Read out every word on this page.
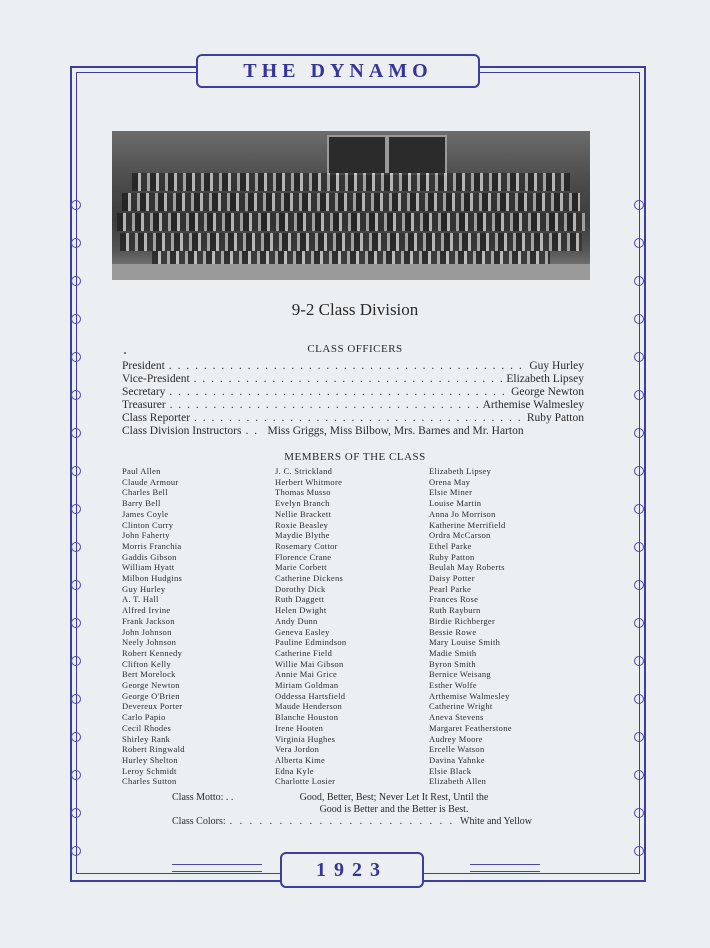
THE DYNAMO
9-2 Class Division
CLASS OFFICERS
President . . .	Guy Hurley
Vice-President . . .	Elizabeth Lipsey
Secretary . . .	George Newton
Treasurer . . .	Arthemise Walmesley
Class Reporter . . .	Ruby Patton
Class Division Instructors . . . Miss Griggs, Miss Bilbow, Mrs. Barnes and Mr. Harton
MEMBERS OF THE CLASS
Paul Allen
Claude Armour
Charles Bell
Barry Bell
James Coyle
Clinton Curry
John Faherty
Morris Franchia
Gaddis Gibson
William Hyatt
Milbon Hudgins
Guy Hurley
A. T. Hall
Alfred Irvine
Frank Jackson
John Johnson
Neely Johnson
Robert Kennedy
Clifton Kelly
Bert Morelock
George Newton
George O'Brien
Devereux Porter
Carlo Papio
Cecil Rhodes
Shirley Rank
Robert Ringwald
Hurley Shelton
Leroy Schmidt
Charles Sutton
J. C. Strickland
Herbert Whitmore
Thomas Musso
Evelyn Branch
Nellie Brackett
Roxie Beasley
Maydie Blythe
Rosemary Cottor
Florence Crane
Marie Corbett
Catherine Dickens
Dorothy Dick
Ruth Daggett
Helen Dwight
Andy Dunn
Geneva Easley
Pauline Edmindson
Catherine Field
Willie Mai Gibson
Annie Mai Grice
Miriam Goldman
Oddessa Hartsfield
Maude Henderson
Blanche Houston
Irene Hooten
Virginia Hughes
Vera Jordon
Alberta Kime
Edna Kyle
Charlotte Losier
Elizabeth Lipsey
Orena May
Elsie Miner
Louise Martin
Anna Jo Morrison
Katherine Merrifield
Ordra McCarson
Ethel Parke
Ruby Patton
Beulah May Roberts
Daisy Potter
Pearl Parke
Frances Rose
Ruth Rayburn
Birdie Richberger
Bessie Rowe
Mary Louise Smith
Madie Smith
Byron Smith
Bernice Weisang
Esther Wolfe
Arthemise Walmesley
Catherine Wright
Aneva Stevens
Margaret Featherstone
Audrey Moore
Ercelle Watson
Davina Yahnke
Elsie Black
Elizabeth Allen
Class Motto: . .	Good, Better, Best; Never Let It Rest, Until the
Good is Better and the Better is Best.
Class Colors: . . .	White and Yellow
1923
